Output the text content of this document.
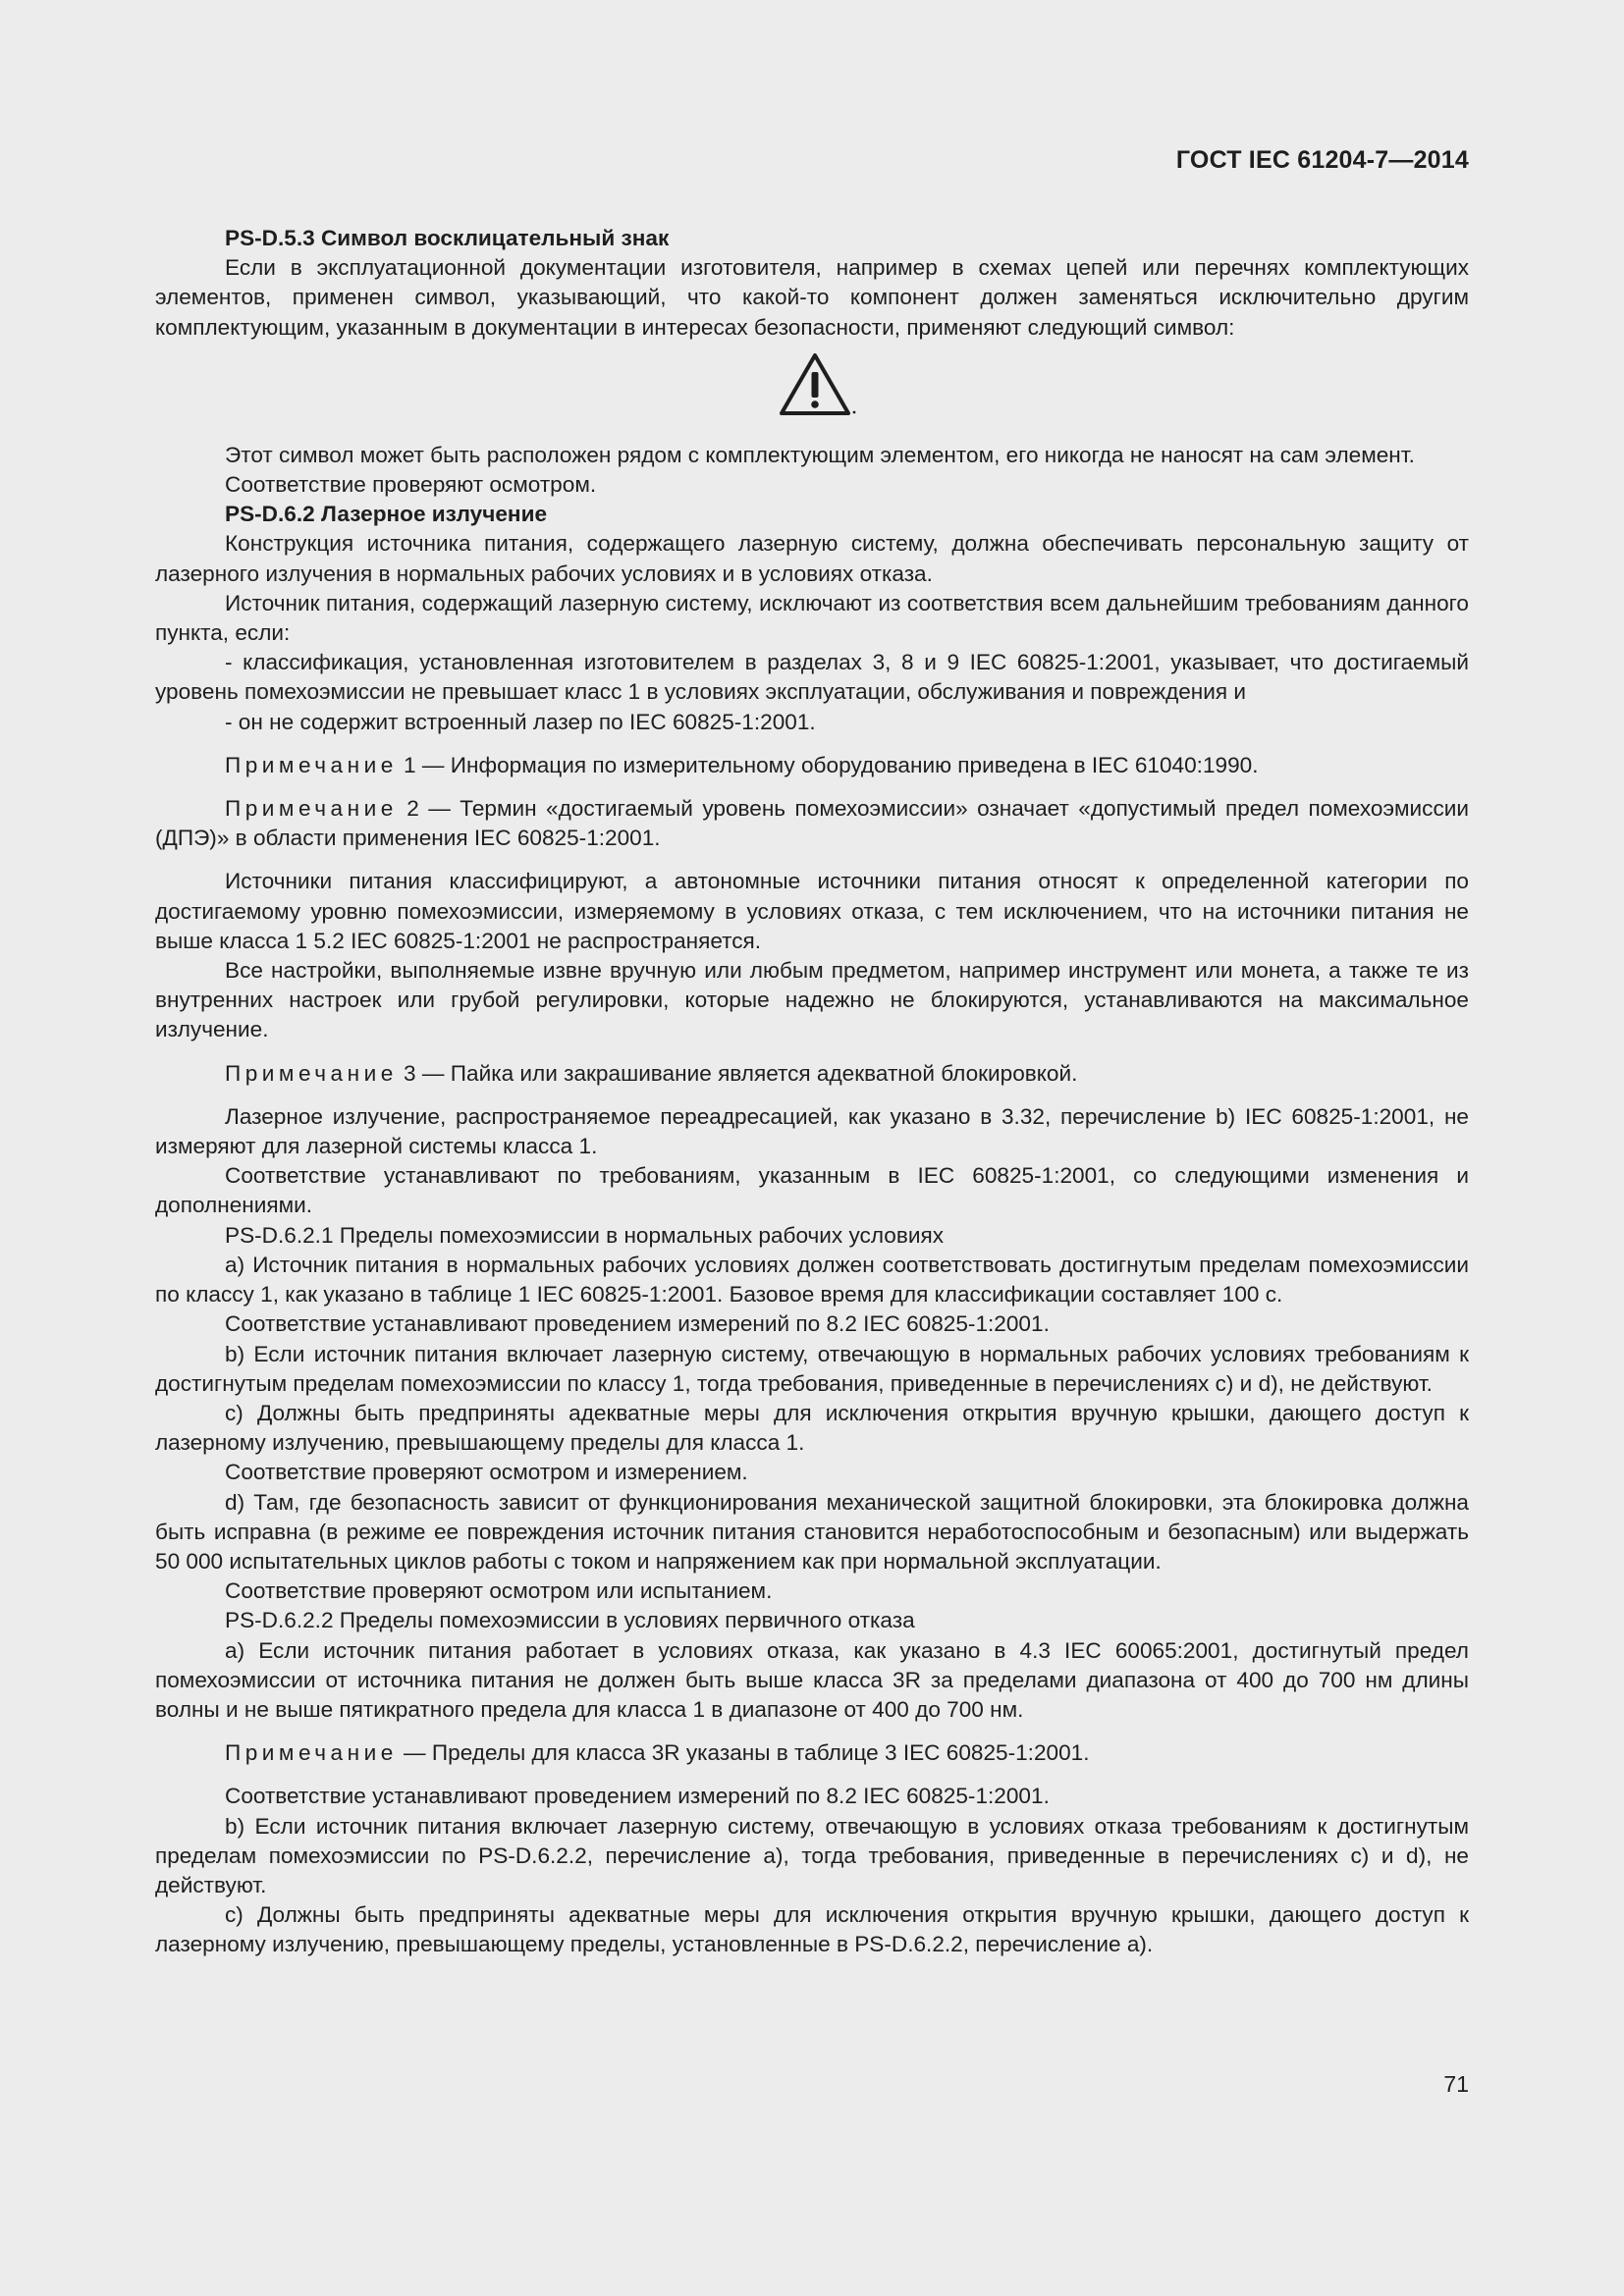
ГОСТ IEC 61204-7—2014

PS-D.5.3 Символ восклицательный знак

Если в эксплуатационной документации изготовителя, например в схемах цепей или перечнях комплектующих элементов, применен символ, указывающий, что какой-то компонент должен заменяться исключительно другим комплектующим, указанным в документации в интересах безопасности, применяют следующий символ:

Этот символ может быть расположен рядом с комплектующим элементом, его никогда не наносят на сам элемент.

Соответствие проверяют осмотром.

PS-D.6.2 Лазерное излучение

Конструкция источника питания, содержащего лазерную систему, должна обеспечивать персональную защиту от лазерного излучения в нормальных рабочих условиях и в условиях отказа.

Источник питания, содержащий лазерную систему, исключают из соответствия всем дальнейшим требованиям данного пункта, если:

- классификация, установленная изготовителем в разделах 3, 8 и 9 IEC 60825-1:2001, указывает, что достигаемый уровень помехоэмиссии не превышает класс 1 в условиях эксплуатации, обслуживания и повреждения и

- он не содержит встроенный лазер по IEC 60825-1:2001.

Примечание 1 — Информация по измерительному оборудованию приведена в IEC 61040:1990.

Примечание 2 — Термин «достигаемый уровень помехоэмиссии» означает «допустимый предел помехоэмиссии (ДПЭ)» в области применения IEC 60825-1:2001.

Источники питания классифицируют, а автономные источники питания относят к определенной категории по достигаемому уровню помехоэмиссии, измеряемому в условиях отказа, с тем исключением, что на источники питания не выше класса 1 5.2 IEC 60825-1:2001 не распространяется.

Все настройки, выполняемые извне вручную или любым предметом, например инструмент или монета, а также те из внутренних настроек или грубой регулировки, которые надежно не блокируются, устанавливаются на максимальное излучение.

Примечание 3 — Пайка или закрашивание является адекватной блокировкой.

Лазерное излучение, распространяемое переадресацией, как указано в 3.32, перечисление b) IEC 60825-1:2001, не измеряют для лазерной системы класса 1.

Соответствие устанавливают по требованиям, указанным в IEC 60825-1:2001, со следующими изменения и дополнениями.

PS-D.6.2.1 Пределы помехоэмиссии в нормальных рабочих условиях

a) Источник питания в нормальных рабочих условиях должен соответствовать достигнутым пределам помехоэмиссии по классу 1, как указано в таблице 1 IEC 60825-1:2001. Базовое время для классификации составляет 100 с.

Соответствие устанавливают проведением измерений по 8.2 IEC 60825-1:2001.

b) Если источник питания включает лазерную систему, отвечающую в нормальных рабочих условиях требованиям к достигнутым пределам помехоэмиссии по классу 1, тогда требования, приведенные в перечислениях с) и d), не действуют.

c) Должны быть предприняты адекватные меры для исключения открытия вручную крышки, дающего доступ к лазерному излучению, превышающему пределы для класса 1.

Соответствие проверяют осмотром и измерением.

d) Там, где безопасность зависит от функционирования механической защитной блокировки, эта блокировка должна быть исправна (в режиме ее повреждения источник питания становится неработоспособным и безопасным) или выдержать 50 000 испытательных циклов работы с током и напряжением как при нормальной эксплуатации.

Соответствие проверяют осмотром или испытанием.

PS-D.6.2.2 Пределы помехоэмиссии в условиях первичного отказа

a) Если источник питания работает в условиях отказа, как указано в 4.3 IEC 60065:2001, достигнутый предел помехоэмиссии от источника питания не должен быть выше класса 3R за пределами диапазона от 400 до 700 нм длины волны и не выше пятикратного предела для класса 1 в диапазоне от 400 до 700 нм.

Примечание — Пределы для класса 3R указаны в таблице 3 IEC 60825-1:2001.

Соответствие устанавливают проведением измерений по 8.2 IEC 60825-1:2001.

b) Если источник питания включает лазерную систему, отвечающую в условиях отказа требованиям к достигнутым пределам помехоэмиссии по PS-D.6.2.2, перечисление а), тогда требования, приведенные в перечислениях с) и d), не действуют.

c) Должны быть предприняты адекватные меры для исключения открытия вручную крышки, дающего доступ к лазерному излучению, превышающему пределы, установленные в PS-D.6.2.2, перечисление а).

71
